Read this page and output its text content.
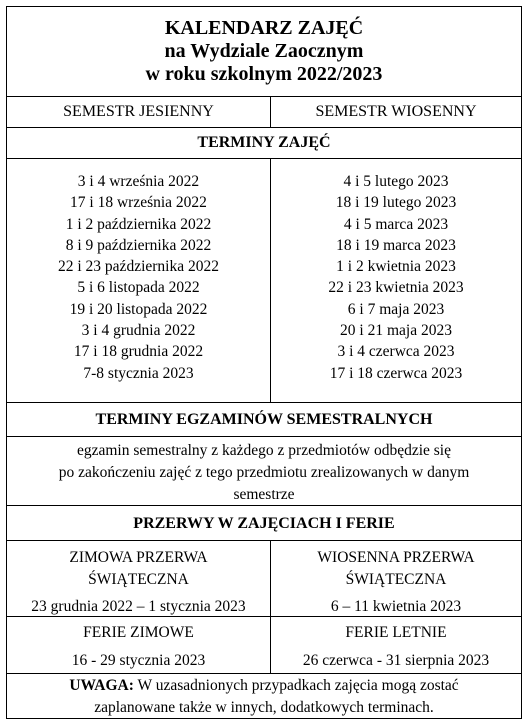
KALENDARZ ZAJĘĆ
na Wydziale Zaocznym
w roku szkolnym 2022/2023
SEMESTR JESIENNY	SEMESTR WIOSENNY
TERMINY ZAJĘĆ
3 i 4 września 2022
17 i 18 września 2022
1 i 2 października 2022
8 i 9 października 2022
22 i 23 października 2022
5 i 6 listopada 2022
19 i 20 listopada 2022
3 i 4 grudnia 2022
17 i 18 grudnia 2022
7-8 stycznia 2023
4 i 5 lutego 2023
18 i 19 lutego 2023
4 i 5 marca 2023
18 i 19 marca 2023
1 i 2 kwietnia 2023
22 i 23 kwietnia 2023
6 i 7 maja 2023
20 i 21 maja 2023
3 i 4 czerwca 2023
17 i 18 czerwca 2023
TERMINY EGZAMINÓW SEMESTRALNYCH
egzamin semestralny z każdego z przedmiotów odbędzie się
po zakończeniu zajęć z tego przedmiotu zrealizowanych w danym
semestrze
PRZERWY W ZAJĘCIACH I FERIE
ZIMOWA PRZERWA
ŚWIĄTECZNA
23 grudnia 2022 – 1 stycznia 2023
WIOSENNA PRZERWA
ŚWIĄTECZNA
6 – 11 kwietnia 2023
FERIE ZIMOWE
16 - 29 stycznia 2023
FERIE LETNIE
26 czerwca - 31 sierpnia 2023
UWAGA: W uzasadnionych przypadkach zajęcia mogą zostać
zaplanowane także w innych, dodatkowych terminach.
